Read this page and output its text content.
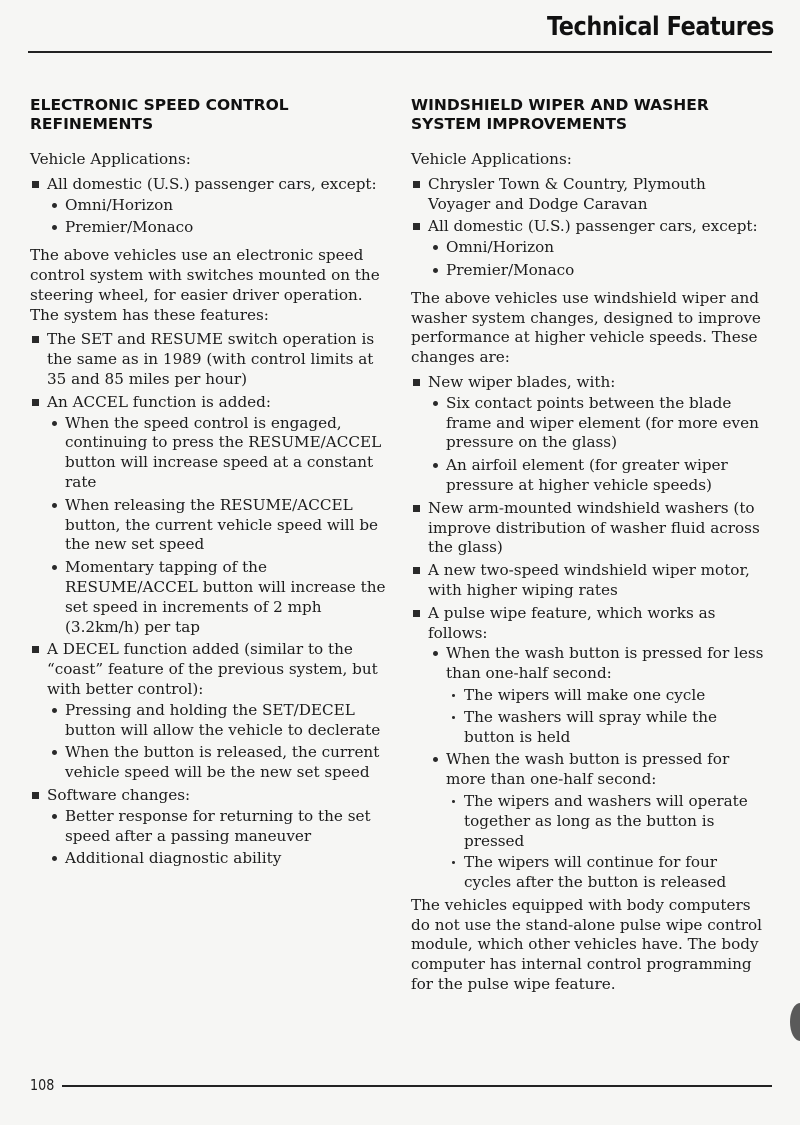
Technical Features
ELECTRONIC SPEED CONTROL REFINEMENTS

Vehicle Applications:

All domestic (U.S.) passenger cars, except:
Omni/Horizon
Premier/Monaco

The above vehicles use an electronic speed control system with switches mounted on the steering wheel, for easier driver operation. The system has these features:

The SET and RESUME switch operation is the same as in 1989 (with control limits at 35 and 85 miles per hour)
An ACCEL function is added:
When the speed control is engaged, continuing to press the RESUME/ACCEL button will increase speed at a constant rate
When releasing the RESUME/ACCEL button, the current vehicle speed will be the new set speed
Momentary tapping of the RESUME/ACCEL button will increase the set speed in increments of 2 mph (3.2km/h) per tap
A DECEL function added (similar to the “coast” feature of the previous system, but with better control):
Pressing and holding the SET/DECEL button will allow the vehicle to declerate
When the button is released, the current vehicle speed will be the new set speed
Software changes:
Better response for returning to the set speed after a passing maneuver
Additional diagnostic ability
WINDSHIELD WIPER AND WASHER SYSTEM IMPROVEMENTS

Vehicle Applications:

Chrysler Town & Country, Plymouth Voyager and Dodge Caravan
All domestic (U.S.) passenger cars, except:
Omni/Horizon
Premier/Monaco

The above vehicles use windshield wiper and washer system changes, designed to improve performance at higher vehicle speeds. These changes are:

New wiper blades, with:
Six contact points between the blade frame and wiper element (for more even pressure on the glass)
An airfoil element (for greater wiper pressure at higher vehicle speeds)
New arm-mounted windshield washers (to improve distribution of washer fluid across the glass)
A new two-speed windshield wiper motor, with higher wiping rates
A pulse wipe feature, which works as follows:
When the wash button is pressed for less than one-half second:
The wipers will make one cycle
The washers will spray while the button is held
When the wash button is pressed for more than one-half second:
The wipers and washers will operate together as long as the button is pressed
The wipers will continue for four cycles after the button is released

The vehicles equipped with body computers do not use the stand-alone pulse wipe control module, which other vehicles have. The body computer has internal control programming for the pulse wipe feature.

108
